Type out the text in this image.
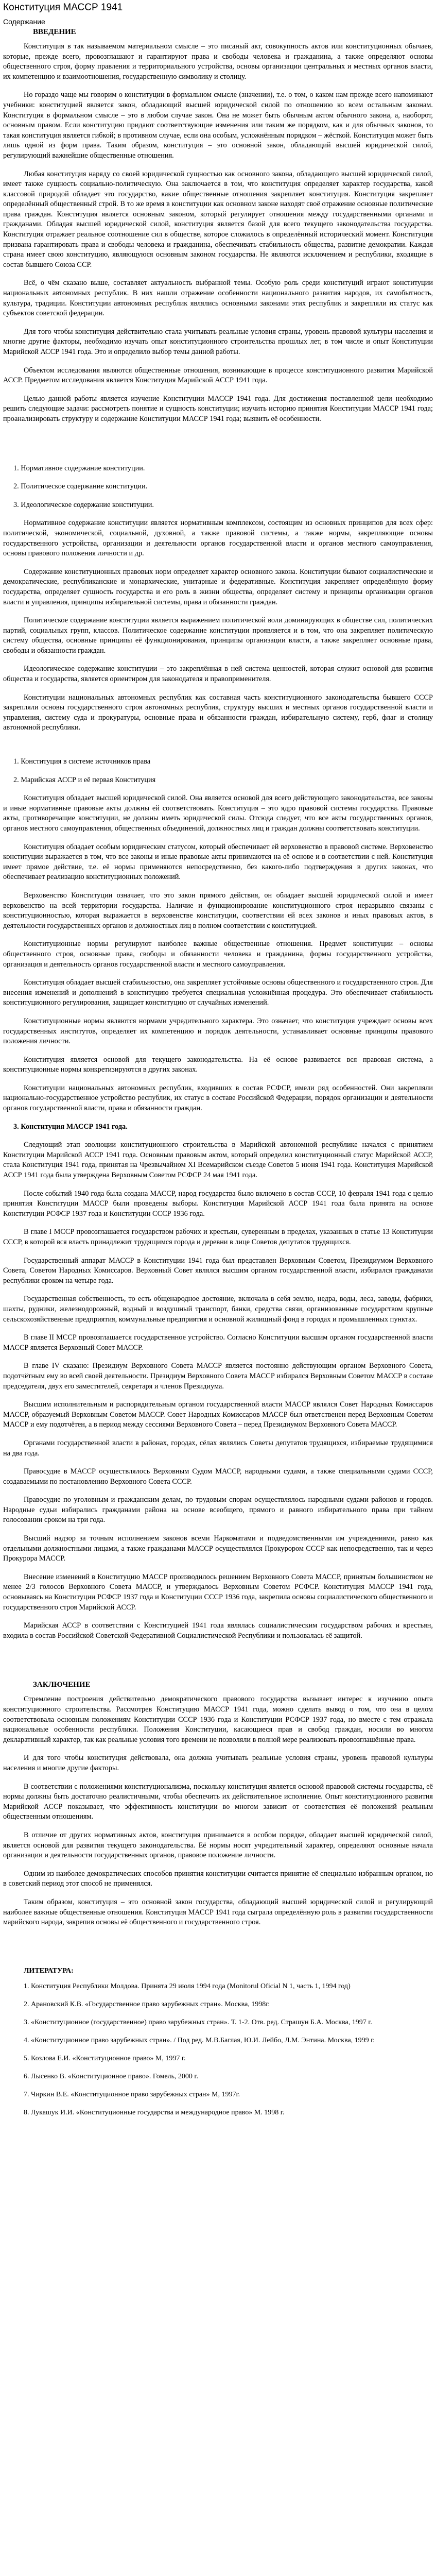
Конституция МАССР 1941
Содержание
ВВЕДЕНИЕ

Конституция в так называемом материальном смысле – это писаный акт, совокупность актов или конституционных обычаев, которые, прежде всего, провозглашают и гарантируют права и свободы человека и гражданина, а также определяют основы общественного строя, форму правления и территориального устройства, основы организации центральных и местных органов власти, их компетенцию и взаимоотношения, государственную символику и столицу.

Но гораздо чаще мы говорим о конституции в формальном смысле (значении), т.е. о том, о каком нам прежде всего напоминают учебники: конституцией является закон, обладающий высшей юридической силой по отношению ко всем остальным законам. Конституция в формальном смысле – это в любом случае закон. Она не может быть обычным актом обычного закона, а, наоборот, основным правом. Если конституцию придают соответствующие изменения или таким же порядком, как и для обычных законов, то такая конституция является гибкой; в противном случае, если она особым, усложнённым порядком – жёсткой. Конституция может быть лишь одной из форм права. Таким образом, конституция – это основной закон, обладающий высшей юридической силой, регулирующий важнейшие общественные отношения.

Любая конституция наряду со своей юридической сущностью как основного закона, обладающего высшей юридической силой, имеет также сущность социально-политическую. Она заключается в том, что конституция определяет характер государства, какой классовой природой обладает это государство, какие общественные отношения закрепляет конституция. Конституция закрепляет определённый общественный строй. В то же время в конституции как основном законе находят своё отражение основные политические права граждан. Конституция является основным законом, который регулирует отношения между государственными органами и гражданами. Обладая высшей юридической силой, конституция является базой для всего текущего законодательства государства. Конституция отражает реальное соотношение сил в обществе, которое сложилось в определённый исторический момент. Конституция призвана гарантировать права и свободы человека и гражданина, обеспечивать стабильность общества, развитие демократии. Каждая страна имеет свою конституцию, являющуюся основным законом государства. Не являются исключением и республики, входящие в состав бывшего Союза ССР.

Всё, о чём сказано выше, составляет актуальность выбранной темы. Особую роль среди конституций играют конституции национальных автономных республик. В них нашли отражение особенности национального развития народов, их самобытность, культура, традиции. Конституции автономных республик являлись основными законами этих республик и закрепляли их статус как субъектов советской федерации.

Для того чтобы конституция действительно стала учитывать реальные условия страны, уровень правовой культуры населения и многие другие факторы, необходимо изучать опыт конституционного строительства прошлых лет, в том числе и опыт Конституции Марийской АССР 1941 года. Это и определило выбор темы данной работы.

Объектом исследования являются общественные отношения, возникающие в процессе конституционного развития Марийской АССР. Предметом исследования является Конституция Марийской АССР 1941 года.

Целью данной работы является изучение Конституции МАССР 1941 года. Для достижения поставленной цели необходимо решить следующие задачи: рассмотреть понятие и сущность конституции; изучить историю принятия Конституции МАССР 1941 года; проанализировать структуру и содержание Конституции МАССР 1941 года; выявить её особенности.

1. Нормативное содержание конституции.

2. Политическое содержание конституции.

3. Идеологическое содержание конституции.

Нормативное содержание конституции является нормативным комплексом, состоящим из основных принципов для всех сфер: политической, экономической, социальной, духовной, а также правовой системы, а также нормы, закрепляющие основы государственного устройства, организации и деятельности органов государственной власти и органов местного самоуправления, основы правового положения личности и др.

Содержание конституционных правовых норм определяет характер основного закона. Конституции бывают социалистические и демократические, республиканские и монархические, унитарные и федеративные. Конституция закрепляет определённую форму государства, определяет сущность государства и его роль в жизни общества, определяет систему и принципы организации органов власти и управления, принципы избирательной системы, права и обязанности граждан.

Политическое содержание конституции является выражением политической воли доминирующих в обществе сил, политических партий, социальных групп, классов. Политическое содержание конституции проявляется и в том, что она закрепляет политическую систему общества, основные принципы её функционирования, принципы организации власти, а также закрепляет основные права, свободы и обязанности граждан.

Идеологическое содержание конституции – это закреплённая в ней система ценностей, которая служит основой для развития общества и государства, является ориентиром для законодателя и правоприменителя.

Конституции национальных автономных республик как составная часть конституционного законодательства бывшего СССР закрепляли основы государственного строя автономных республик, структуру высших и местных органов государственной власти и управления, систему суда и прокуратуры, основные права и обязанности граждан, избирательную систему, герб, флаг и столицу автономной республики.

1. Конституция в системе источников права

2. Марийская АССР и её первая Конституция

Конституция обладает высшей юридической силой. Она является основой для всего действующего законодательства, все законы и иные нормативные правовые акты должны ей соответствовать. Конституция – это ядро правовой системы государства. Правовые акты, противоречащие конституции, не должны иметь юридической силы. Отсюда следует, что все акты государственных органов, органов местного самоуправления, общественных объединений, должностных лиц и граждан должны соответствовать конституции.

Конституция обладает особым юридическим статусом, который обеспечивает ей верховенство в правовой системе. Верховенство конституции выражается в том, что все законы и иные правовые акты принимаются на её основе и в соответствии с ней. Конституция имеет прямое действие, т.е. её нормы применяются непосредственно, без какого-либо подтверждения в других законах, что обеспечивает реализацию конституционных положений.

Верховенство Конституции означает, что это закон прямого действия, он обладает высшей юридической силой и имеет верховенство на всей территории государства. Наличие и функционирование конституционного строя неразрывно связаны с конституционностью, которая выражается в верховенстве конституции, соответствии ей всех законов и иных правовых актов, в деятельности государственных органов и должностных лиц в полном соответствии с конституцией.

Конституционные нормы регулируют наиболее важные общественные отношения. Предмет конституции – основы общественного строя, основные права, свободы и обязанности человека и гражданина, формы государственного устройства, организация и деятельность органов государственной власти и местного самоуправления.

Конституция обладает высшей стабильностью, она закрепляет устойчивые основы общественного и государственного строя. Для внесения изменений и дополнений в конституцию требуется специальная усложнённая процедура. Это обеспечивает стабильность конституционного регулирования, защищает конституцию от случайных изменений.

Конституционные нормы являются нормами учредительного характера. Это означает, что конституция учреждает основы всех государственных институтов, определяет их компетенцию и порядок деятельности, устанавливает основные принципы правового положения личности.

Конституция является основой для текущего законодательства. На её основе развивается вся правовая система, а конституционные нормы конкретизируются в других законах.

Конституции национальных автономных республик, входивших в состав РСФСР, имели ряд особенностей. Они закрепляли национально-государственное устройство республик, их статус в составе Российской Федерации, порядок организации и деятельности органов государственной власти, права и обязанности граждан.

3. Конституция МАССР 1941 года.

Следующий этап эволюции конституционного строительства в Марийской автономной республике начался с принятием Конституции Марийской АССР 1941 года. Основным правовым актом, который определил конституционный статус Марийской АССР, стала Конституция 1941 года, принятая на Чрезвычайном XI Всемарийском съезде Советов 5 июня 1941 года. Конституция Марийской АССР 1941 года была утверждена Верховным Советом РСФСР 24 мая 1941 года.

После событий 1940 года была создана МАССР, народ государства было включено в состав СССР, 10 февраля 1941 года с целью принятия Конституции МАССР были проведены выборы. Конституция Марийской АССР 1941 года была принята на основе Конституции РСФСР 1937 года и Конституции СССР 1936 года.

В главе I МССР провозглашается государством рабочих и крестьян, суверенным в пределах, указанных в статье 13 Конституции СССР, в которой вся власть принадлежит трудящимся города и деревни в лице Советов депутатов трудящихся.

Государственный аппарат МАССР в Конституции 1941 года был представлен Верховным Советом, Президиумом Верховного Совета, Советом Народных Комиссаров. Верховный Совет являлся высшим органом государственной власти, избирался гражданами республики сроком на четыре года.

Государственная собственность, то есть общенародное достояние, включала в себя землю, недра, воды, леса, заводы, фабрики, шахты, рудники, железнодорожный, водный и воздушный транспорт, банки, средства связи, организованные государством крупные сельскохозяйственные предприятия, коммунальные предприятия и основной жилищный фонд в городах и промышленных пунктах.

В главе II МССР провозглашается государственное устройство. Согласно Конституции высшим органом государственной власти МАССР является Верховный Совет МАССР.

В главе IV сказано: Президиум Верховного Совета МАССР является постоянно действующим органом Верховного Совета, подотчётным ему во всей своей деятельности. Президиум Верховного Совета МАССР избирался Верховным Советом МАССР в составе председателя, двух его заместителей, секретаря и членов Президиума.

Высшим исполнительным и распорядительным органом государственной власти МАССР являлся Совет Народных Комиссаров МАССР, образуемый Верховным Советом МАССР. Совет Народных Комиссаров МАССР был ответственен перед Верховным Советом МАССР и ему подотчётен, а в период между сессиями Верховного Совета – перед Президиумом Верховного Совета МАССР.

Органами государственной власти в районах, городах, сёлах являлись Советы депутатов трудящихся, избираемые трудящимися на два года.

Правосудие в МАССР осуществлялось Верховным Судом МАССР, народными судами, а также специальными судами СССР, создаваемыми по постановлению Верховного Совета СССР.

Правосудие по уголовным и гражданским делам, по трудовым спорам осуществлялось народными судами районов и городов. Народные судьи избирались гражданами района на основе всеобщего, прямого и равного избирательного права при тайном голосовании сроком на три года.

Высший надзор за точным исполнением законов всеми Наркоматами и подведомственными им учреждениями, равно как отдельными должностными лицами, а также гражданами МАССР осуществлялся Прокурором СССР как непосредственно, так и через Прокурора МАССР.

Внесение изменений в Конституцию МАССР производилось решением Верховного Совета МАССР, принятым большинством не менее 2/3 голосов Верховного Совета МАССР, и утверждалось Верховным Советом РСФСР. Конституция МАССР 1941 года, основываясь на Конституции РСФСР 1937 года и Конституции СССР 1936 года, закрепила основы социалистического общественного и государственного строя Марийской АССР.

Марийская АССР в соответствии с Конституцией 1941 года являлась социалистическим государством рабочих и крестьян, входила в состав Российской Советской Федеративной Социалистической Республики и пользовалась её защитой.

ЗАКЛЮЧЕНИЕ

Стремление построения действительно демократического правового государства вызывает интерес к изучению опыта конституционного строительства. Рассмотрев Конституцию МАССР 1941 года, можно сделать вывод о том, что она в целом соответствовала основным положениям Конституции СССР 1936 года и Конституции РСФСР 1937 года, но вместе с тем отражала национальные особенности республики. Положения Конституции, касающиеся прав и свобод граждан, носили во многом декларативный характер, так как реальные условия того времени не позволяли в полной мере реализовать провозглашённые права.

И для того чтобы конституция действовала, она должна учитывать реальные условия страны, уровень правовой культуры населения и многие другие факторы.

В соответствии с положениями конституционализма, поскольку конституция является основой правовой системы государства, её нормы должны быть достаточно реалистичными, чтобы обеспечить их действительное исполнение. Опыт конституционного развития Марийской АССР показывает, что эффективность конституции во многом зависит от соответствия её положений реальным общественным отношениям.

В отличие от других нормативных актов, конституция принимается в особом порядке, обладает высшей юридической силой, является основой для развития текущего законодательства. Её нормы носят учредительный характер, определяют основные начала организации и деятельности государственных органов, правовое положение личности.

Одним из наиболее демократических способов принятия конституции считается принятие её специально избранным органом, но в советский период этот способ не применялся.

Таким образом, конституция – это основной закон государства, обладающий высшей юридической силой и регулирующий наиболее важные общественные отношения. Конституция МАССР 1941 года сыграла определённую роль в развитии государственности марийского народа, закрепив основы её общественного и государственного строя.

ЛИТЕРАТУРА:

1. Конституция Республики Молдова. Принята 29 июля 1994 года (Monitorul Oficial N 1, часть 1, 1994 год)

2. Арановский К.В. «Государственное право зарубежных стран». Москва, 1998г.

3. «Конституционное (государственное) право зарубежных стран». Т. 1-2. Отв. ред. Страшун Б.А. Москва, 1997 г.

4. «Конституционное право зарубежных стран». / Под ред. М.В.Баглая, Ю.И. Лейбо, Л.М. Энтина. Москва, 1999 г.

5. Козлова Е.И. «Конституционное право» М, 1997 г.

6. Лысенко В. «Конституционное право». Гомель, 2000 г.

7. Чиркин В.Е. «Конституционное право зарубежных стран» М, 1997г.

8. Лукашук И.И. «Конституционные государства и международное право» М. 1998 г.
